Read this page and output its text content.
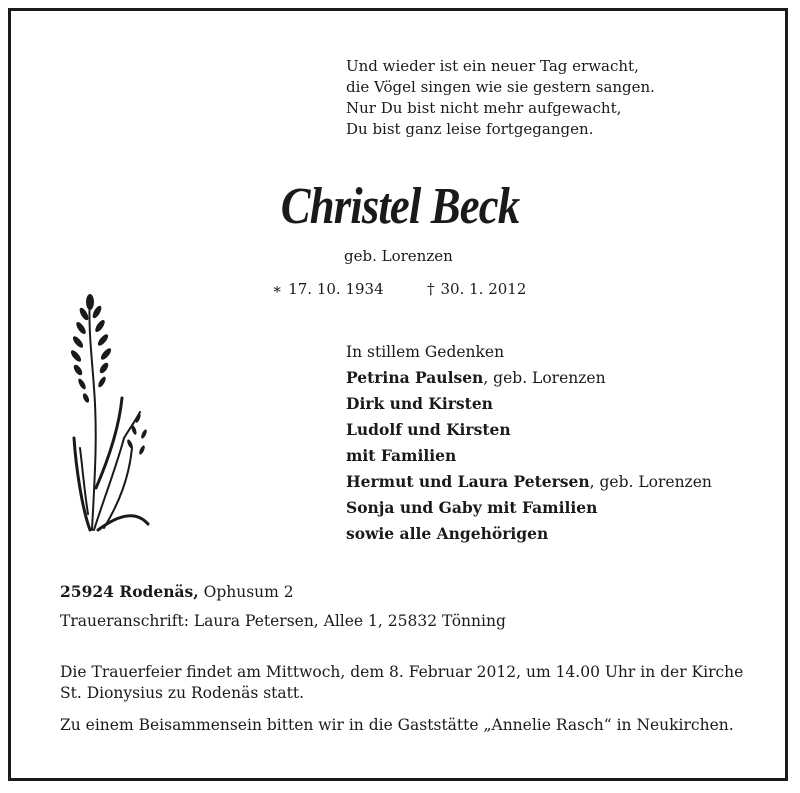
Und wieder ist ein neuer Tag erwacht,
die Vögel singen wie sie gestern sangen.
Nur Du bist nicht mehr aufgewacht,
Du bist ganz leise fortgegangen.
Christel Beck
geb. Lorenzen
∗ 17. 10. 1934	† 30. 1. 2012
In stillem Gedenken
Petrina Paulsen, geb. Lorenzen
Dirk und Kirsten
Ludolf und Kirsten
mit Familien
Hermut und Laura Petersen, geb. Lorenzen
Sonja und Gaby mit Familien
sowie alle Angehörigen
25924 Rodenäs, Ophusum 2
Traueranschrift: Laura Petersen, Allee 1, 25832 Tönning
Die Trauerfeier findet am Mittwoch, dem 8. Februar 2012, um 14.00 Uhr in der Kirche
St. Dionysius zu Rodenäs statt.
Zu einem Beisammensein bitten wir in die Gaststätte „Annelie Rasch“ in Neukirchen.
